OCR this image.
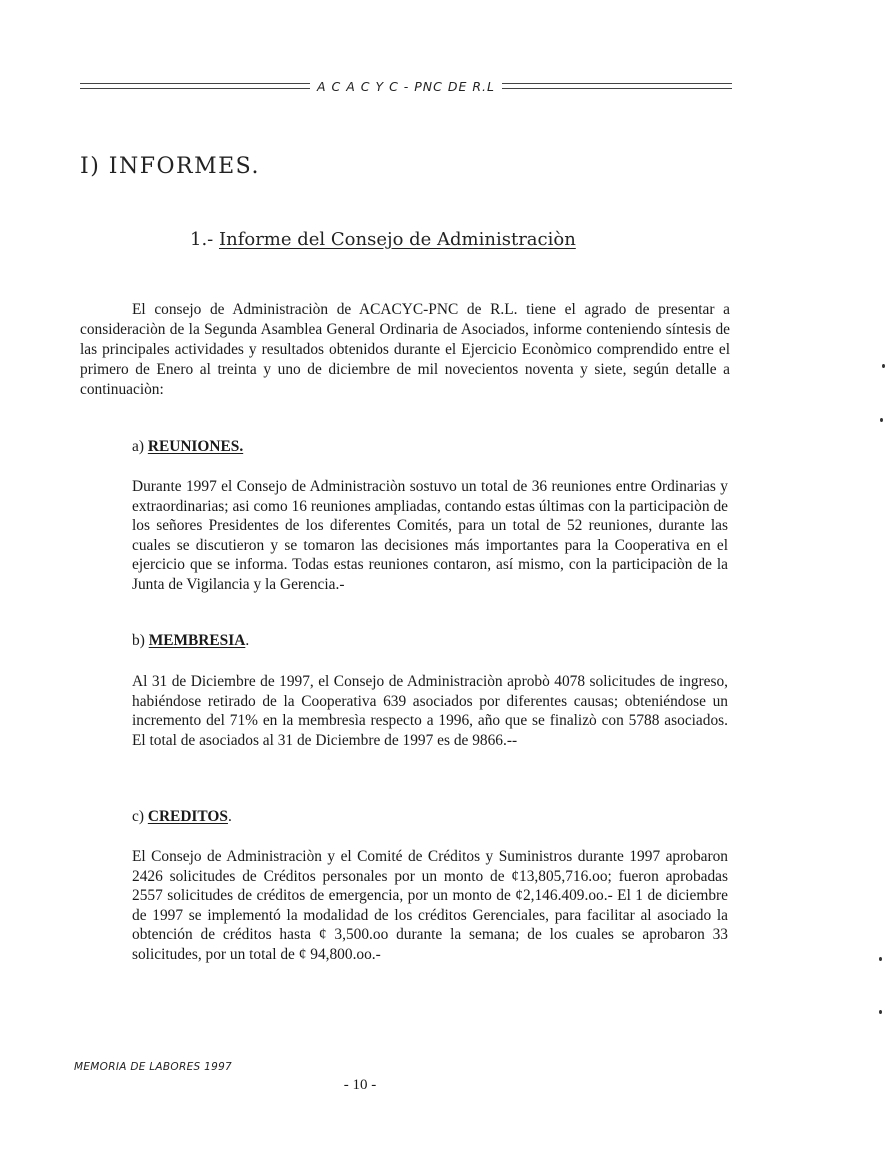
A C A C Y C - PNC DE R.L
I) INFORMES.
1.- Informe del Consejo de Administraciòn

El consejo de Administraciòn de ACACYC-PNC de R.L. tiene el agrado de presentar a consideraciòn de la Segunda Asamblea General Ordinaria de Asociados, informe conteniendo síntesis de las principales actividades y resultados obtenidos durante el Ejercicio Econòmico comprendido entre el primero de Enero al treinta y uno de diciembre de mil novecientos noventa y siete, según detalle a continuaciòn:

a) REUNIONES.

Durante 1997 el Consejo de Administraciòn sostuvo un total de 36 reuniones entre Ordinarias y extraordinarias; asi como 16 reuniones ampliadas, contando estas últimas con la participaciòn de los señores Presidentes de los diferentes Comités, para un total de 52 reuniones, durante las cuales se discutieron y se tomaron las decisiones más importantes para la Cooperativa en el ejercicio que se informa. Todas estas reuniones contaron, así mismo, con la participaciòn de la Junta de Vigilancia y la Gerencia.-

b) MEMBRESIA.

Al 31 de Diciembre de 1997, el Consejo de Administraciòn aprobò 4078 solicitudes de ingreso, habiéndose retirado de la Cooperativa 639 asociados por diferentes causas; obteniéndose un incremento del 71% en la membresìa respecto a 1996, año que se finalizò con 5788 asociados. El total de asociados al 31 de Diciembre de 1997 es de 9866.--

c) CREDITOS.

El Consejo de Administraciòn y el Comité de Créditos y Suministros durante 1997 aprobaron 2426 solicitudes de Créditos personales por un monto de ¢13,805,716.oo; fueron aprobadas 2557 solicitudes de créditos de emergencia, por un monto de ¢2,146.409.oo.- El 1 de diciembre de 1997 se implementó la modalidad de los créditos Gerenciales, para facilitar al asociado la obtención de créditos hasta ¢ 3,500.oo durante la semana; de los cuales se aprobaron 33 solicitudes, por un total de ¢ 94,800.oo.-

MEMORIA DE LABORES 1997
- 10 -
